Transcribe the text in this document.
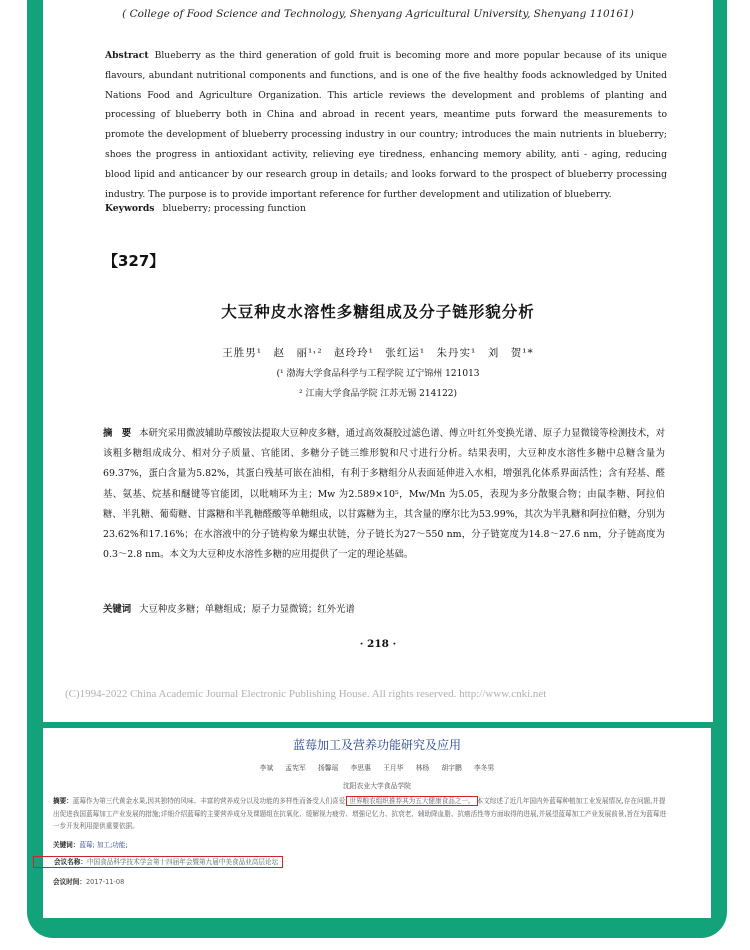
( College of Food Science and Technology, Shenyang Agricultural University, Shenyang 110161)
Abstract Blueberry as the third generation of gold fruit is becoming more and more popular because of its unique flavours, abundant nutritional components and functions, and is one of the five healthy foods acknowledged by United Nations Food and Agriculture Organization. This article reviews the development and problems of planting and processing of blueberry both in China and abroad in recent years, meantime puts forward the measurements to promote the development of blueberry processing industry in our country; introduces the main nutrients in blueberry; shoes the progress in antioxidant activity, relieving eye tiredness, enhancing memory ability, anti - aging, reducing blood lipid and anticancer by our research group in details; and looks forward to the prospect of blueberry processing industry. The purpose is to provide important reference for further development and utilization of blueberry.
Keywords blueberry; processing function
【327】
大豆种皮水溶性多糖组成及分子链形貌分析
王胜男¹　赵　丽¹˒²　赵玲玲¹　张红运¹　朱丹实¹　刘　贺¹*
(¹ 渤海大学食品科学与工程学院 辽宁锦州 121013
² 江南大学食品学院 江苏无锡 214122)
摘　要 本研究采用微波辅助草酸铵法提取大豆种皮多糖，通过高效凝胶过滤色谱、傅立叶红外变换光谱、原子力显微镜等检测技术，对该粗多糖组成成分、相对分子质量、官能团、多糖分子链三维形貌和尺寸进行分析。结果表明，大豆种皮水溶性多糖中总糖含量为69.37%，蛋白含量为5.82%，其蛋白残基可嵌在油相，有利于多糖组分从表面延伸进入水相，增强乳化体系界面活性；含有羟基、醛基、氨基、烷基和醚键等官能团，以吡喃环为主；Mw 为2.589×10⁵，Mw/Mn 为5.05，表现为多分散聚合物；由鼠李糖、阿拉伯糖、半乳糖、葡萄糖、甘露糖和半乳糖醛酸等单糖组成，以甘露糖为主，其含量的摩尔比为53.99%，其次为半乳糖和阿拉伯糖，分别为23.62%和17.16%；在水溶液中的分子链构象为螺虫状链，分子链长为27～550 nm，分子链宽度为14.8～27.6 nm，分子链高度为0.3～2.8 nm。本文为大豆种皮水溶性多糖的应用提供了一定的理论基础。
关键词 大豆种皮多糖；单糖组成；原子力显微镜；红外光谱
· 218 ·
(C)1994-2022 China Academic Journal Electronic Publishing House. All rights reserved. http://www.cnki.net
蓝莓加工及营养功能研究及应用
李斌 孟宪军 扬馨瑶 李思惠 王月华 林杨 胡宇鹏 李冬男
沈阳农业大学食品学院
摘要：蓝莓作为第三代黄金水果,因其独特的风味、丰富的营养成分以及功能的多样性而备受人们喜爱, 世界粮农组织推荐其为五大健康食品之一。 本文综述了近几年国内外蓝莓种植加工业发展情况,存在问题,并提出促进我国蓝莓加工产业发展的措施;详细介绍蓝莓的主要营养成分及课题组在抗氧化、缓解视力疲劳、增强记忆力、抗衰老、辅助降血脂、抗癌活性等方面取得的进展,并展望蓝莓加工产业发展前景,旨在为蓝莓进一步开发利用提供重要依据。
关键词：蓝莓; 加工;功能;
会议名称：中国食品科学技术学会第十四届年会暨第九届中美食品业高层论坛
会议时间：2017-11-08
